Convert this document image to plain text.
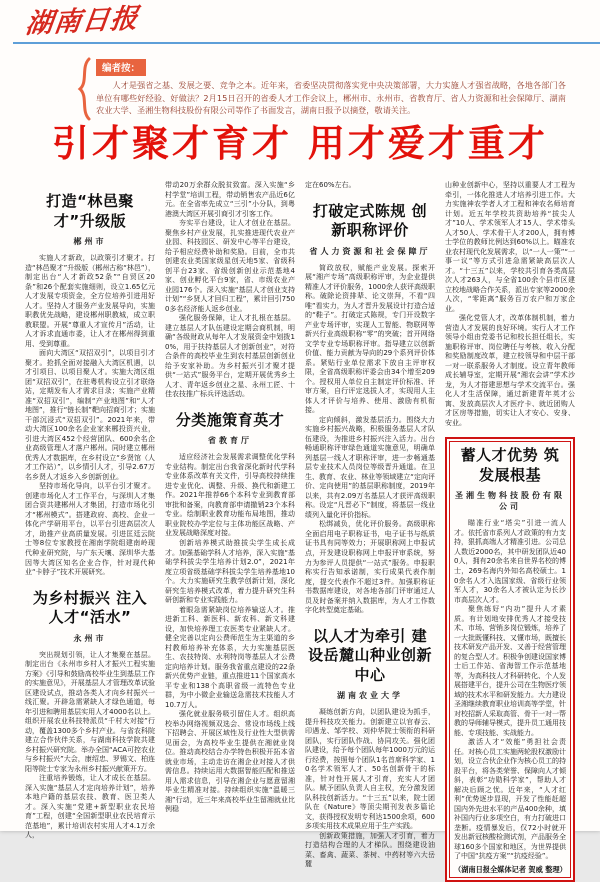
湖南日报
编者按：

人才是强省之基、发展之要、竞争之本。近年来，省委坚决贯彻落实党中央决策部署，大力实施人才强省战略，各地各部门各单位有哪些好经验、好做法？2月15日召开的省委人才工作会议上，郴州市、永州市、省教育厅、省人力资源和社会保障厅、湖南农业大学、圣湘生物科技股份有限公司等作了书面发言，湖南日报予以摘登，敬请关注。

引才聚才育才 用才爱才重才
打造“林邑聚才”升级版
郴州市

实施人才新政，以政策引才聚才。打造“林邑聚才”升级版（郴州古称“林邑”），制定出台“人才新政52条”“自贸区20条”和26个配套实施细则，设立1.65亿元人才发展专项资金，全方位培养引进用好人才。坚持人才服务产业发展导向，实施职教优先战略，建设郴州职教城，成立职教联盟。开展“尊重人才宣传月”活动，让人才诉求直通市委，让人才在郴州得到重用、受到尊重。

面向大湾区“双招双引”，以项目引才聚才。抢抓全面对接融入大湾区机遇，以才引项目、以项目聚人才。实施大湾区组团“双招双引”，在驻粤机构设立引才联络站，定期发布人才需求目录；实施产业精准“双招双引”，编制“产业地图”和“人才地图”，推行“链长制”靶向招商引才；实施干部沉浸式“双招双引”。2021年来，带动大湾区100余名企业家来郴投资兴业，引进大湾区452个经营团队、600余名企业高级管理人才落户郴州。同时建立郴州优秀人才数据库，在乡村设立“乡贤馆（人才工作站）”，以乡情引人才，引导2.67万名乡贤人才返乡入乡创新创业。

坚持市场化导向，以平台引才聚才。创建市场化人才工作平台，与深圳人才集团合资共建郴州人才集团，打造市场化引才“郴州模式”。搭建政府、高校、企业一体化产学研用平台，以平台引进高层次人才，助推产业高质量发展。引进匡廷云院士等8位专家教授在湘南学院组建南岭现代种业研究院，与广东天壤、深圳华大基因等大湾区知名企业合作，针对现代种业“卡脖子”技术开展研究。

为乡村振兴 注入人才“活水”
永州市

突出规划引领，让人才集聚在基层。制定出台《永州市乡村人才振兴工程实施方案》《引导和鼓励高校毕业生到基层工作的实施意见》，开展基层人才管理改革试验区建设试点，推动各类人才向乡村振兴一线汇聚。开辟急需紧缺人才绿色通道，每年引进和聘用基层实用人才4000名以上。组织开展农业科技特派员“千村大对接”行动，覆盖1300多个乡村产业。与省农科院建立合作伙伴关系，与湖南科技学院共建乡村振兴研究院。举办全国“ACA可控农业与乡村振兴”大会，康绍忠、罗锡文、柏连阳等院士专家为永州乡村振兴献策开方。

注重培养锻炼，让人才成长在基层。深入实施“基层人才定向培养计划”，培养本地户籍的基层农技、教育、医卫类人才。深入实施“党建+新型职业农民培育”工程，创建“全国新型职业农民培育示范基地”，累计培训农村实用人才4.1万余人，

带动20万余群众脱贫致富。深入实施“乡村学堂”培训工程，带动销售农产品近6亿元。在全省率先成立“三引”小分队，到粤港澳大湾区开展引商引才引客工作。

夯实平台建设，让人才创业在基层。聚焦乡村产业发展，扎实推进现代农业产业园、科技园区、研发中心等平台建设，给予相应经费补助和奖励。目前，全市共创建农业类国家级星创天地5家、省级科创平台23家、省级创新创业示范基地4家、创业孵化平台9家，省、市级农业产业园176个。深入实施“基层人才创业支持计划”“乡贤人才回归工程”，累计回引7500多名经济能人返乡创业。

强化服务保障，让人才扎根在基层。建立基层人才队伍建设定期会商机制，明确“各级财政从每年人才发展资金中划拨10%，用于扶持基层人才创新创业”，对符合条件的高校毕业生到农村基层创新创业给予安家补助。为乡村振兴引才聚才提供“一站式”服务平台，定期开展优秀乡土人才、青年返乡创业之星、永州工匠、十佳农技推广标兵评选活动。

分类施策育英才
省教育厅

适应经济社会发展需求调整优化学科专业结构。制定出台我省深化新时代学科专业体系改革有关文件，引导高校持续推进专业优化、调整、升级、换代和新建工作。2021年推荐66个本科专业到教育部审批和备案，向教育部申请撤销23个本科专业。绘制职业教育功能布局地图，推动职业院校办学定位与主体功能区战略、产业发展战略深度对接。

创新培养模式助推拔尖学生成长成才。加强基础学科人才培养，深入实施“基础学科拔尖学生培养计划2.0”，2021年度立项省级基础学科拔尖学生培养基地10个。大力实施研究生教学创新计划，深化研究生培养模式改革，着力提升研究生科研创新和专业实践能力。

着眼急需紧缺岗位培养输送人才。推进新工科、新医科、新农科、新文科建设，加快培养理工农医类专业紧缺人才。健全完善以定向公费师范生为主渠道的乡村教师培养补充体系，大力实施基层医生、农技特岗、水利特岗等基层人才公费定向培养计划。服务我省重点建设的22条新兴优势产业链，重点推进11个国家高水平专业和138个高职省级一流特色专业群，为中小微企业输送急需技术技能人才10.7万人。

强化就业服务吸引留住人才。组织高校举办网络视频双选会、常设市场线上线下招聘会、开展区域性及行业性大型供需见面会，为高校毕业生提供在湘就业岗位。推动高校结合办学特色积极开拓本省就业市场，主动走访在湘企业对接人才供需信息。持续运用大数据智能匹配和推送用人需求信息，引导在湘企业与愿意留湘毕业生精准对接。持续组织实施“温暖三湘”行动，近三年来高校毕业生留湘就业比例稳

定在60%左右。

打破定式陈规 创新职称评价
省人力资源和社会保障厅

简政放权，赋能产业发展。探索开展“湘产专场”高级职称评审，为企业提供精准人才评价服务，1000余人获评高级职称。破除论资排辈、论文崇拜，不看“四唯”看实力，为人才晋升发展设计打造合适的“鞋子”。打破定式陈规，专门开设数字产业专场评审，实现人工智能、物联网等新兴行业高级职称“零”的突破；首开网络文学专业专场职称评审。指导建立以创新价值、能力贡献为导向的29个系列评价体系。紧贴行业单位需求下放自主评审权限，全省高级职称评委会由34个增至209个。授权用人单位自主制定评价标准、评审方案，自行评定选拔人才，实现用人主体人才评价与培养、使用、激励有机衔接。

定向倾斜，激发基层活力。围绕大力实施乡村振兴战略，积极服务基层人才队伍建设，为推进乡村振兴注入活力。出台畅通职称评审绿色通道实施意见，明确单列基层一线人才职称评审，进一步畅通基层专业技术人员岗位等级晋升通道。在卫生、教育、农业、林业等领域建立“定向评价、定向使用”的基层职称制度，2019年以来，共有2.09万名基层人才获评高级职称。设定“凡晋必下”制度，将基层一线业绩列入量化评价指标。

松绑减负，优化评价服务。高级职称全面启用电子职称证书，电子证书与纸质证书具有同等效力；开展职称网上申报试点，开发建设职称网上申报评审系统，努力为参评人员提供“一站式”服务。申报职称实行告知承诺制，实行成果代表作制度，提交代表作不超过3件。加强职称证书数据库建设，对各地各部门评审通过人员及时备案并纳入数据库，为人才工作数字化转型奠定基础。

以人才为牵引 建设岳麓山种业创新中心
湖南农业大学

凝练创新方向，以团队建设为抓手，提升科技攻关能力。创新建立以官春云、印遇龙、邹学校、刘仲华院士领衔的科研团队，实行团队作战、协同攻关。强化团队建设，给予每个团队每年1000万元的运行经费，按照每个团队1名首席科学家、10名学术领军人才、50名创新骨干的标准，针对性开展人才引育，充实人才团队。赋予团队负责人自主权，充分激发团队科技创新活力。“十三五”以来，院士团队在《Nature》等顶尖期刊发表多篇论文，获得授权发明专利达1500余项，600多项实用技术成果应用于生产实践。

创新政策措施，加强人才引育，着力打造结构合理的人才梯队。围绕建设油菜、畜禽、蔬菜、茶树、中药材等六大岳麓

山种业创新中心，坚持以重要人才工程为牵引，一体化推进人才培养引进工作。大力实施神农学者人才工程和神农名师培育计划。近五年学校共资助培养“拔尖人才”10人、学术领军人才15人、学术带头人才50人、学术骨干人才200人，拥有博士学位的教师比例达到60%以上。瞄准农业农村现代化发展需求，以“一人一策”“一事一议”等方式引进急需紧缺高层次人才。“十三五”以来，学校共引育各类高层次人才263人，与全省100余个县市区建立校地战略合作关系，派出专家等2000余人次，“零距离”服务百万农户和万家企业。

强化党管人才，改革体制机制，着力营造人才发展的良好环境。实行人才工作领导小组由党委书记和校长担任组长，实施职称评审、岗位聘任与考核、收入分配和奖励制度改革，建立校领导和中层干部一对一联系服务人才制度。设立青年教师成长辅导室，定期开展“湘农会讲”学术沙龙，为人才搭建思想与学术交流平台。强化人才生活保障，通过新建青年英才公寓、发放高层次人才医疗卡、就近团购人才区房等措施，切实让人才安心、安身、安业。

蓄人才优势 筑发展根基
圣湘生物科技股份有限公司

瞄准行业“塔尖”引进一流人才。依托省市系列人才政策的有力支持，狠抓高端人才精准引进。公司总人数近2000名，其中研发团队近400人，拥有20余名来自世界名校的博士，269名海内外知名高校硕士。10余名人才入选国家级、省级行业领军人才，30余名人才被认定为长沙市高层次人才。

聚焦练好“内功”提升人才素质。有计划地安排优秀人才接受技术、市场、营销多岗位锻炼，培养了一大批既懂科技、又懂市场，既擅长技术研发产品开发、又善于经营管理的复合型人才。积极争创建设国家博士后工作站、省海智工作示范基地等，为高科技人才科研转化、个人发展搭建平台，提升公司在生物医疗领域的技术水平和研发能力。大力建设圣湘继续教育职业培训高等学堂，针对校招新人采取高管、骨干一对一帮教的导师辅导模式，提升员工通用技能、专项技能、实战能力。

激活人才“效能”勇担社会责任。对核心员工实施两轮股权激励计划，设立合伙企业作为核心员工的持股平台，将各类荣誉、保障向人才倾斜，表彰“功勋科学家”，帮助人才解决后顾之忧。近年来，“人才红利”优势逐步显现，开发了性能赶超国内外先进水平的产品400余种，填补国内行业多项空白，有力打破进口垄断。疫情暴发后，仅72小时就开发出新冠核酸检测试剂，产品服务全球160多个国家和地区，为世界提供了中国“抗疫方案”“抗疫经验”。

（湖南日报全媒体记者 贺威 整理）
